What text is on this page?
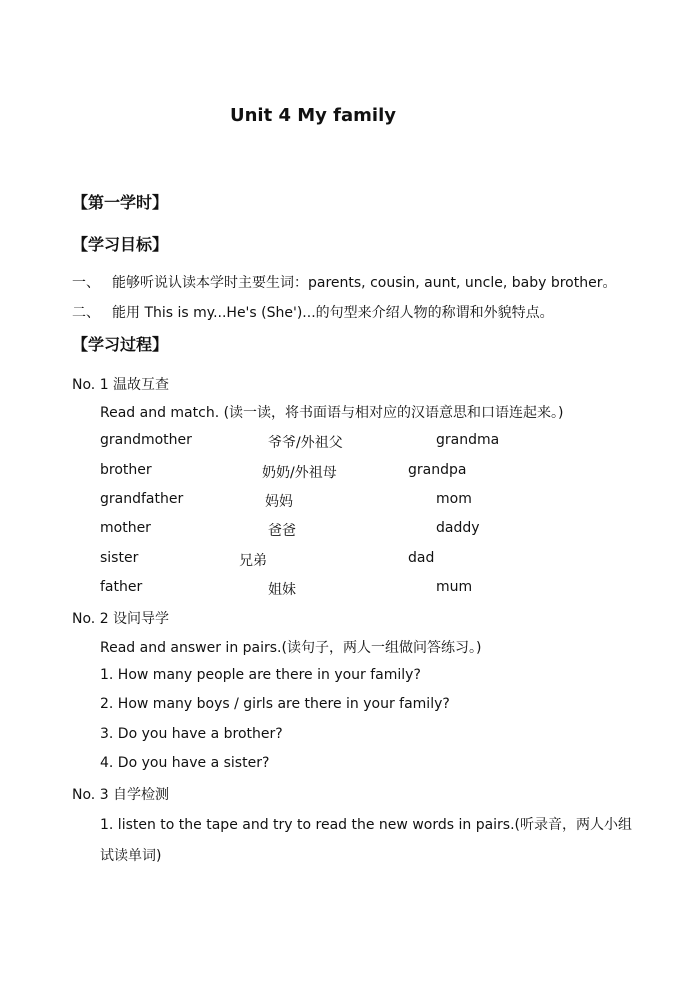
Unit 4 My family
【第一学时】
【学习目标】
一、 能够听说认读本学时主要生词：parents, cousin, aunt, uncle, baby brother。
二、 能用 This is my...He's (She')...的句型来介绍人物的称谓和外貌特点。
【学习过程】
No. 1 温故互查
Read and match. (读一读，将书面语与相对应的汉语意思和口语连起来。)
grandmother	爷爷/外祖父	grandma
brother	奶奶/外祖母	grandpa
grandfather	妈妈	mom
mother	爸爸	daddy
sister	兄弟	dad
father	姐妹	mum
No. 2 设问导学
Read and answer in pairs.(读句子，两人一组做问答练习。)
1. How many people are there in your family?
2. How many boys / girls are there in your family?
3. Do you have a brother?
4. Do you have a sister?
No. 3 自学检测
1. listen to the tape and try to read the new words in pairs.(听录音，两人小组
试读单词)
